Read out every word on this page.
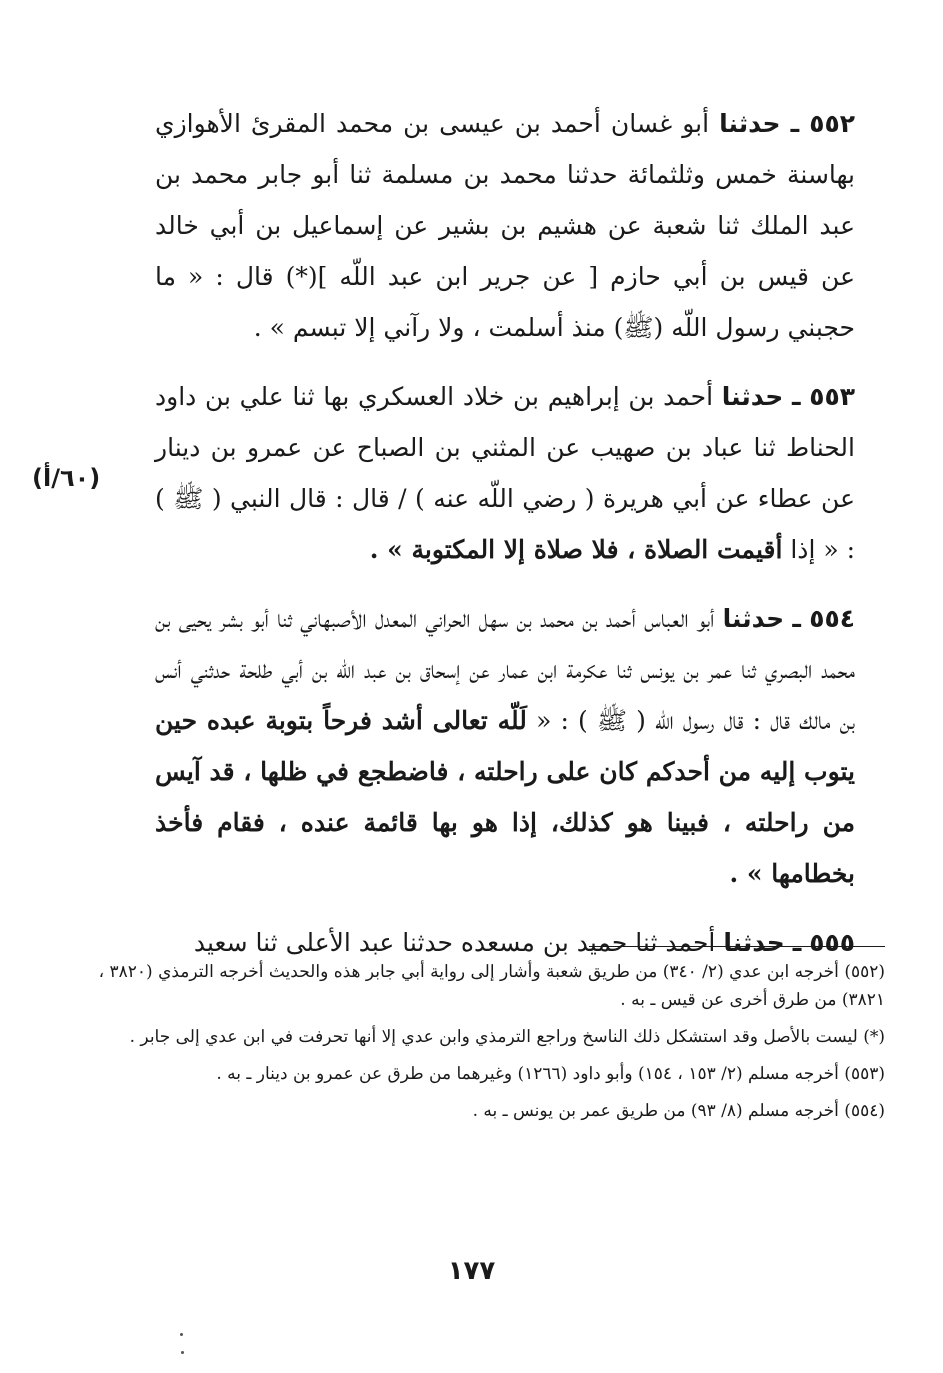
٥٥٢ ـ حدثنا أبو غسان أحمد بن عيسى بن محمد المقرئ الأهوازي بهاسنة خمس وثلثمائة حدثنا محمد بن مسلمة ثنا أبو جابر محمد بن عبد الملك ثنا شعبة عن هشيم بن بشير عن إسماعيل بن أبي خالد عن قيس بن أبي حازم [ عن جرير ابن عبد اللّه ](*) قال : « ما حجبني رسول اللّه (ﷺ) منذ أسلمت ، ولا رآني إلا تبسم » .

٥٥٣ ـ حدثنا أحمد بن إبراهيم بن خلاد العسكري بها ثنا علي بن داود الحناط ثنا عباد بن صهيب عن المثني بن الصباح عن عمرو بن دينار عن عطاء عن أبي هريرة ( رضي اللّه عنه ) / قال : قال النبي ( ﷺ ) : « إذا أقيمت الصلاة ، فلا صلاة إلا المكتوبة » .

٥٥٤ ـ حدثنا أبو العباس أحمد بن محمد بن سهل الحراني المعدل الأصبهاني ثنا أبو بشر يحيى بن محمد البصري ثنا عمر بن يونس ثنا عكرمة ابن عمار عن إسحاق بن عبد اللّه بن أبي طلحة حدثني أنس بن مالك قال : قال رسول اللّه ( ﷺ ) : « لَلّه تعالى أشد فرحاً بتوبة عبده حين يتوب إليه من أحدكم كان على راحلته ، فاضطجع في ظلها ، قد آيس من راحلته ، فبينا هو كذلك، إذا هو بها قائمة عنده ، فقام فأخذ بخطامها » .

٥٥٥ ـ حدثنا أحمد ثنا حميد بن مسعده حدثنا عبد الأعلى ثنا سعيد

(٦٠/أ)

(٥٥٢) أخرجه ابن عدي (٢/ ٣٤٠) من طريق شعبة وأشار إلى رواية أبي جابر هذه والحديث أخرجه الترمذي (٣٨٢٠ ، ٣٨٢١) من طرق أخرى عن قيس ـ به .

(*) ليست بالأصل وقد استشكل ذلك الناسخ وراجع الترمذي وابن عدي إلا أنها تحرفت في ابن عدي إلى جابر .

(٥٥٣) أخرجه مسلم (٢/ ١٥٣ ، ١٥٤) وأبو داود (١٢٦٦) وغيرهما من طرق عن عمرو بن دينار ـ به .

(٥٥٤) أخرجه مسلم (٨/ ٩٣) من طريق عمر بن يونس ـ به .

١٧٧
